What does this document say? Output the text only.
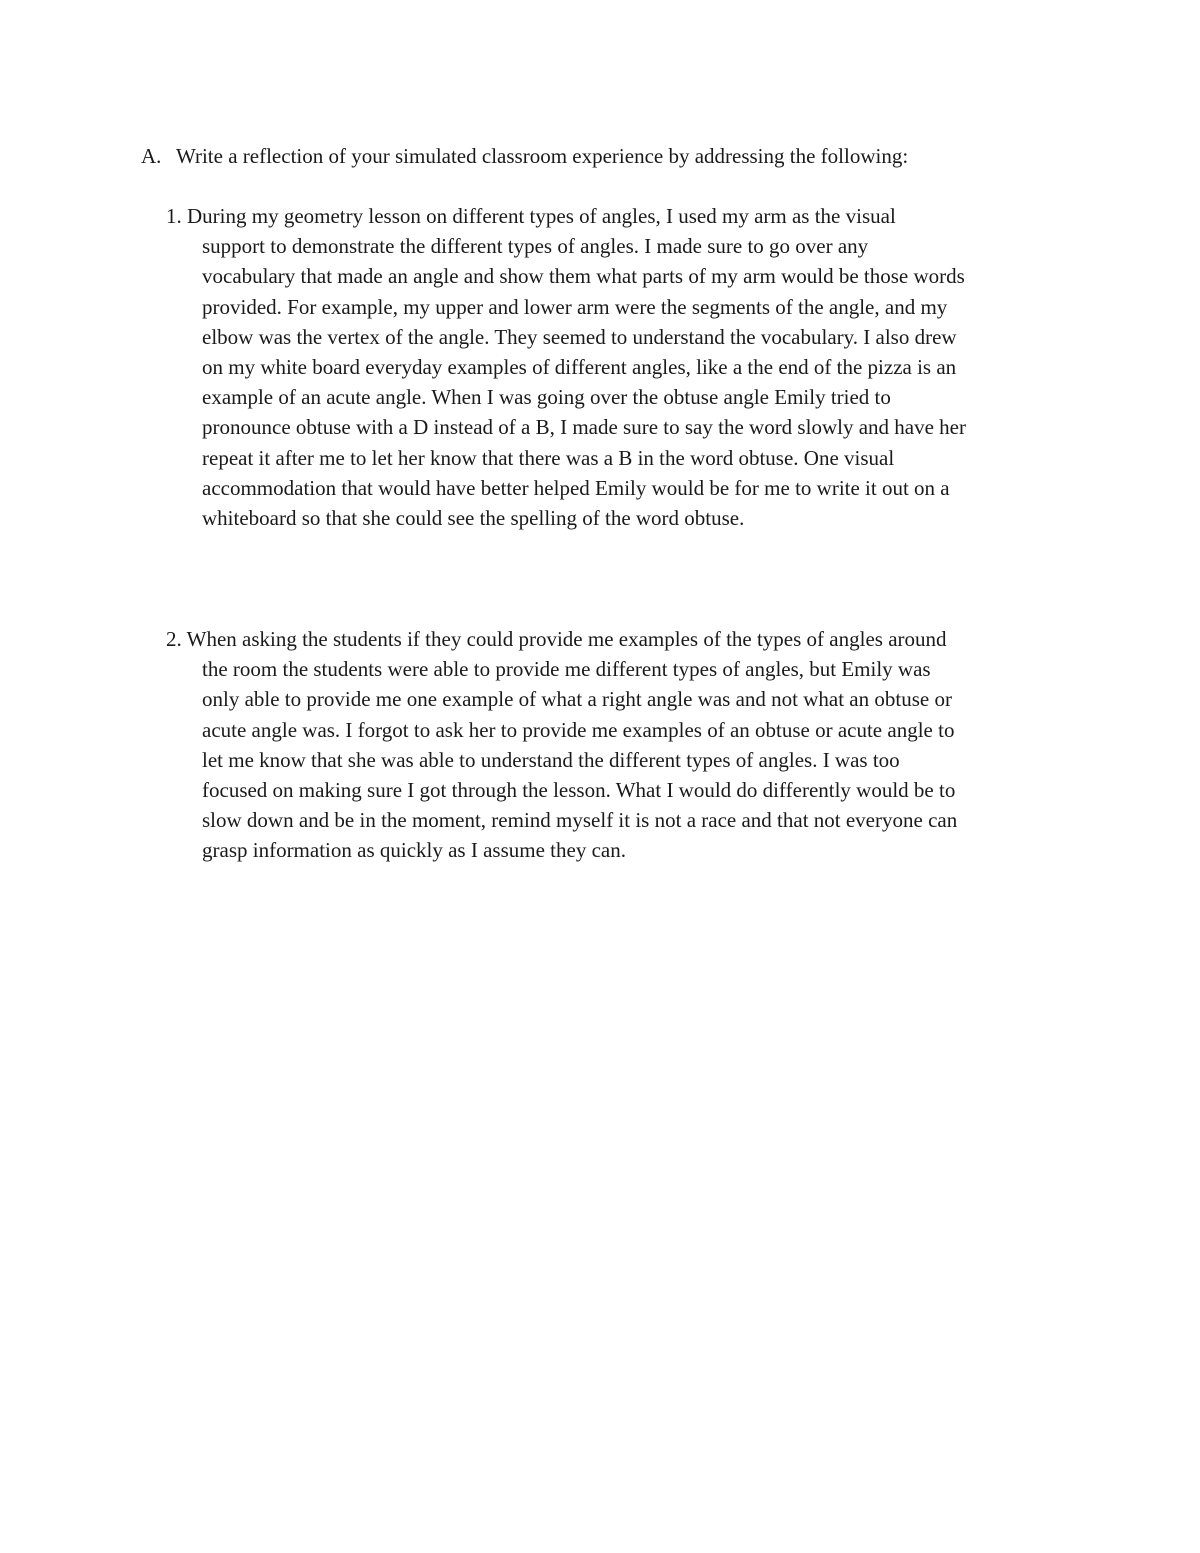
A. Write a reflection of your simulated classroom experience by addressing the following:
1. During my geometry lesson on different types of angles, I used my arm as the visual
support to demonstrate the different types of angles. I made sure to go over any
vocabulary that made an angle and show them what parts of my arm would be those words
provided. For example, my upper and lower arm were the segments of the angle, and my
elbow was the vertex of the angle. They seemed to understand the vocabulary. I also drew
on my white board everyday examples of different angles, like a the end of the pizza is an
example of an acute angle. When I was going over the obtuse angle Emily tried to
pronounce obtuse with a D instead of a B, I made sure to say the word slowly and have her
repeat it after me to let her know that there was a B in the word obtuse. One visual
accommodation that would have better helped Emily would be for me to write it out on a
whiteboard so that she could see the spelling of the word obtuse.
2. When asking the students if they could provide me examples of the types of angles around
the room the students were able to provide me different types of angles, but Emily was
only able to provide me one example of what a right angle was and not what an obtuse or
acute angle was. I forgot to ask her to provide me examples of an obtuse or acute angle to
let me know that she was able to understand the different types of angles. I was too
focused on making sure I got through the lesson. What I would do differently would be to
slow down and be in the moment, remind myself it is not a race and that not everyone can
grasp information as quickly as I assume they can.
